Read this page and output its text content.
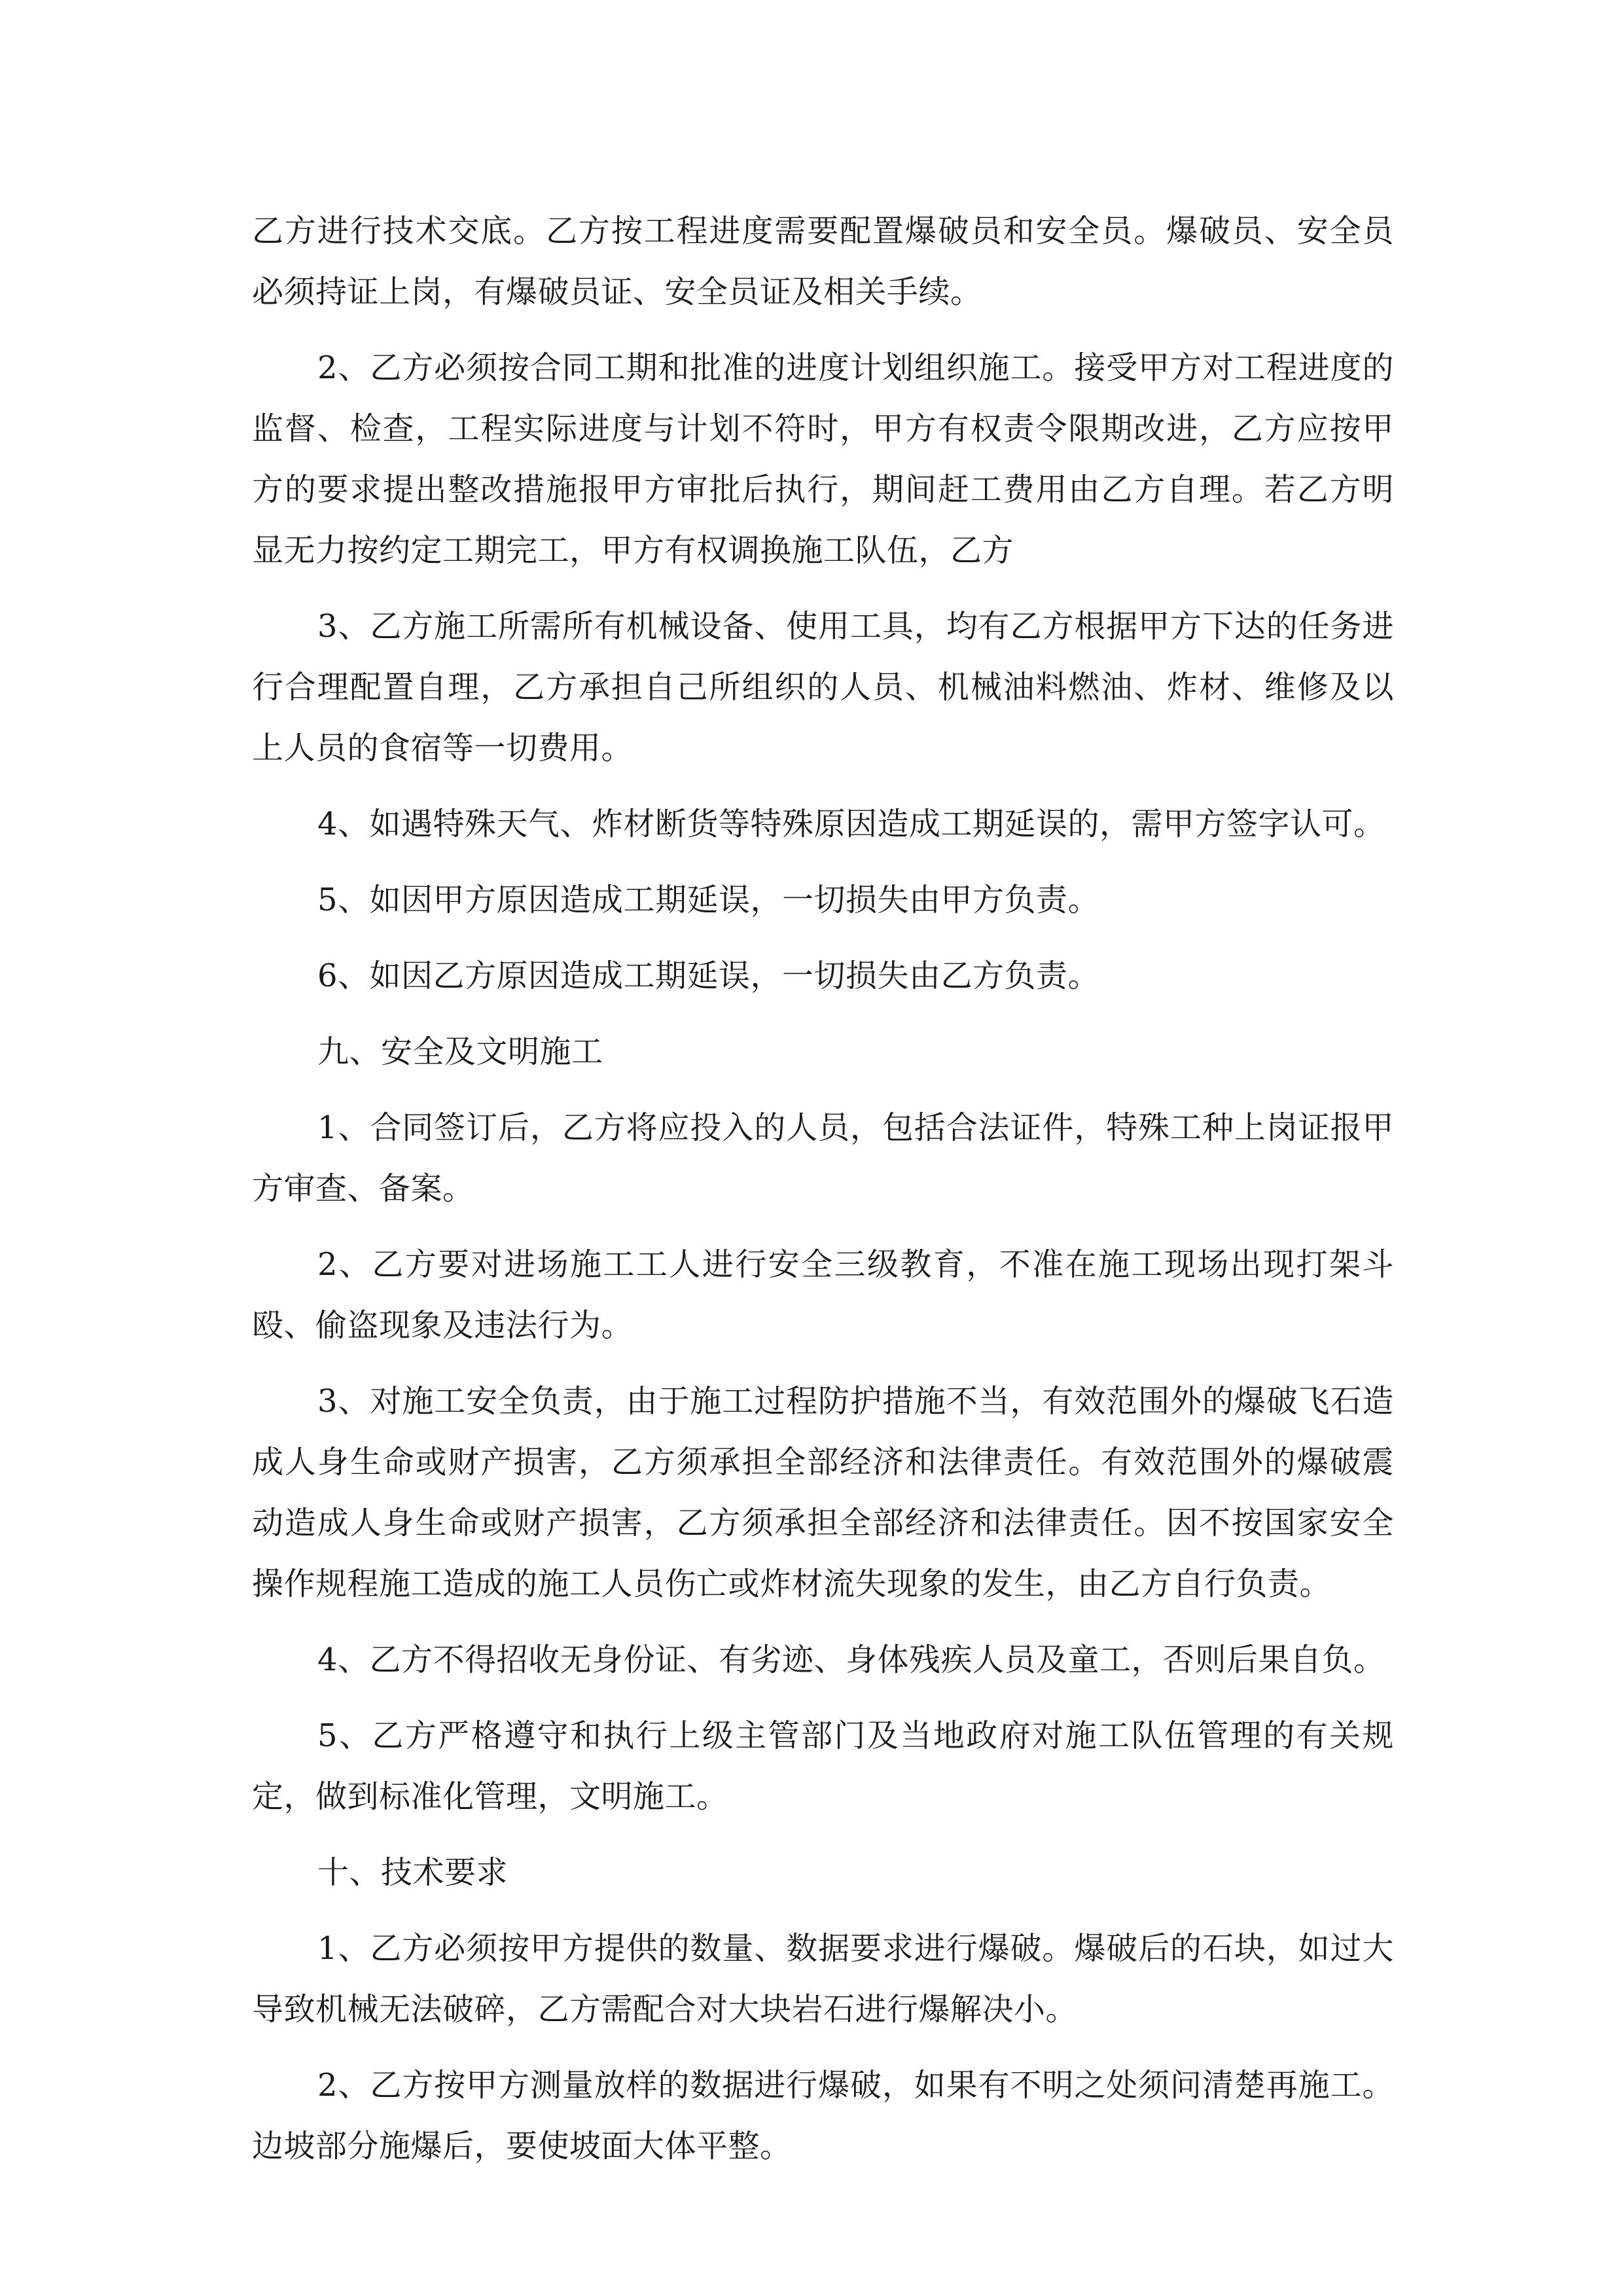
乙方进行技术交底。乙方按工程进度需要配置爆破员和安全员。爆破员、安全员必须持证上岗，有爆破员证、安全员证及相关手续。

2、乙方必须按合同工期和批准的进度计划组织施工。接受甲方对工程进度的监督、检查，工程实际进度与计划不符时，甲方有权责令限期改进，乙方应按甲方的要求提出整改措施报甲方审批后执行，期间赶工费用由乙方自理。若乙方明显无力按约定工期完工，甲方有权调换施工队伍，乙方

3、乙方施工所需所有机械设备、使用工具，均有乙方根据甲方下达的任务进行合理配置自理，乙方承担自己所组织的人员、机械油料燃油、炸材、维修及以上人员的食宿等一切费用。

4、如遇特殊天气、炸材断货等特殊原因造成工期延误的，需甲方签字认可。

5、如因甲方原因造成工期延误，一切损失由甲方负责。

6、如因乙方原因造成工期延误，一切损失由乙方负责。

九、安全及文明施工

1、合同签订后，乙方将应投入的人员，包括合法证件，特殊工种上岗证报甲方审查、备案。

2、乙方要对进场施工工人进行安全三级教育，不准在施工现场出现打架斗殴、偷盗现象及违法行为。

3、对施工安全负责，由于施工过程防护措施不当，有效范围外的爆破飞石造成人身生命或财产损害，乙方须承担全部经济和法律责任。有效范围外的爆破震动造成人身生命或财产损害，乙方须承担全部经济和法律责任。因不按国家安全操作规程施工造成的施工人员伤亡或炸材流失现象的发生，由乙方自行负责。

4、乙方不得招收无身份证、有劣迹、身体残疾人员及童工，否则后果自负。

5、乙方严格遵守和执行上级主管部门及当地政府对施工队伍管理的有关规定，做到标准化管理，文明施工。

十、技术要求

1、乙方必须按甲方提供的数量、数据要求进行爆破。爆破后的石块，如过大导致机械无法破碎，乙方需配合对大块岩石进行爆解决小。

2、乙方按甲方测量放样的数据进行爆破，如果有不明之处须问清楚再施工。边坡部分施爆后，要使坡面大体平整。
